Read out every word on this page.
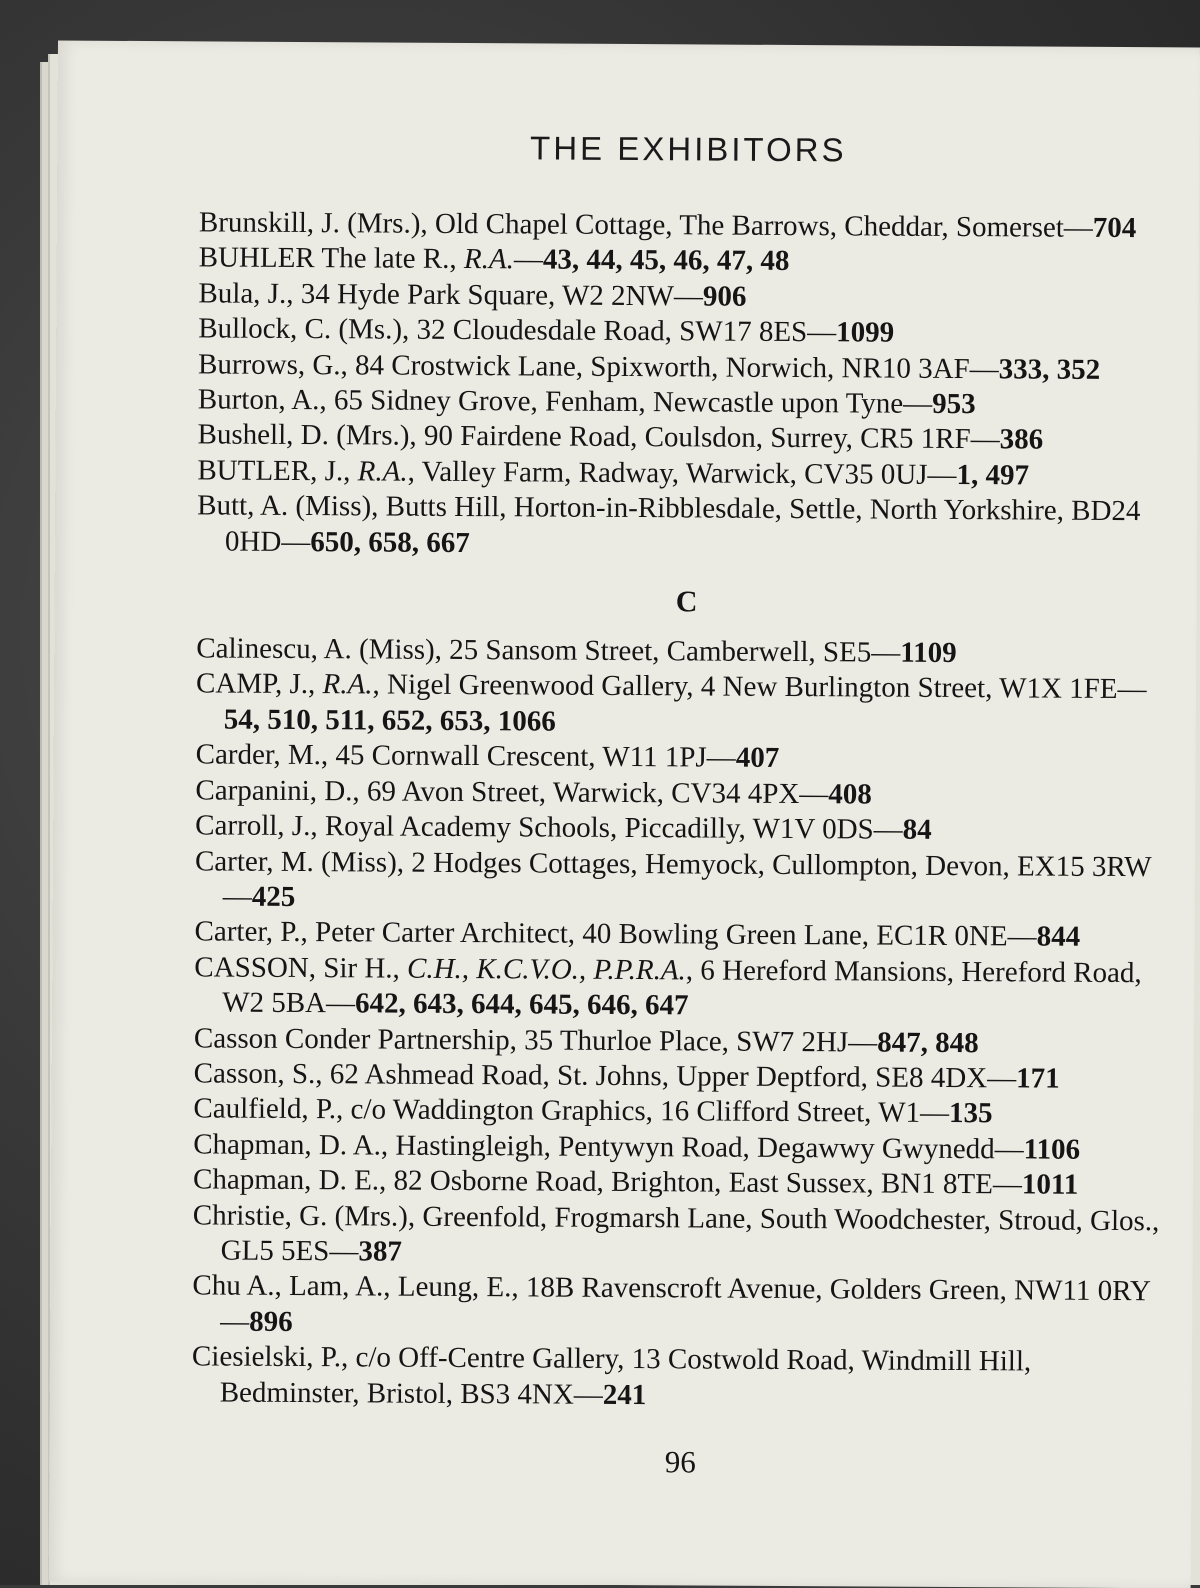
THE EXHIBITORS

Brunskill, J. (Mrs.), Old Chapel Cottage, The Barrows, Cheddar, Somerset—704

BUHLER The late R., R.A.—43, 44, 45, 46, 47, 48

Bula, J., 34 Hyde Park Square, W2 2NW—906

Bullock, C. (Ms.), 32 Cloudesdale Road, SW17 8ES—1099

Burrows, G., 84 Crostwick Lane, Spixworth, Norwich, NR10 3AF—333, 352

Burton, A., 65 Sidney Grove, Fenham, Newcastle upon Tyne—953

Bushell, D. (Mrs.), 90 Fairdene Road, Coulsdon, Surrey, CR5 1RF—386

BUTLER, J., R.A., Valley Farm, Radway, Warwick, CV35 0UJ—1, 497

Butt, A. (Miss), Butts Hill, Horton-in-Ribblesdale, Settle, North Yorkshire, BD24 0HD—650, 658, 667

C

Calinescu, A. (Miss), 25 Sansom Street, Camberwell, SE5—1109

CAMP, J., R.A., Nigel Greenwood Gallery, 4 New Burlington Street, W1X 1FE—54, 510, 511, 652, 653, 1066

Carder, M., 45 Cornwall Crescent, W11 1PJ—407

Carpanini, D., 69 Avon Street, Warwick, CV34 4PX—408

Carroll, J., Royal Academy Schools, Piccadilly, W1V 0DS—84

Carter, M. (Miss), 2 Hodges Cottages, Hemyock, Cullompton, Devon, EX15 3RW—425

Carter, P., Peter Carter Architect, 40 Bowling Green Lane, EC1R 0NE—844

CASSON, Sir H., C.H., K.C.V.O., P.P.R.A., 6 Hereford Mansions, Hereford Road, W2 5BA—642, 643, 644, 645, 646, 647

Casson Conder Partnership, 35 Thurloe Place, SW7 2HJ—847, 848

Casson, S., 62 Ashmead Road, St. Johns, Upper Deptford, SE8 4DX—171

Caulfield, P., c/o Waddington Graphics, 16 Clifford Street, W1—135

Chapman, D. A., Hastingleigh, Pentywyn Road, Degawwy Gwynedd—1106

Chapman, D. E., 82 Osborne Road, Brighton, East Sussex, BN1 8TE—1011

Christie, G. (Mrs.), Greenfold, Frogmarsh Lane, South Woodchester, Stroud, Glos., GL5 5ES—387

Chu A., Lam, A., Leung, E., 18B Ravenscroft Avenue, Golders Green, NW11 0RY—896

Ciesielski, P., c/o Off-Centre Gallery, 13 Costwold Road, Windmill Hill, Bedminster, Bristol, BS3 4NX—241

96
